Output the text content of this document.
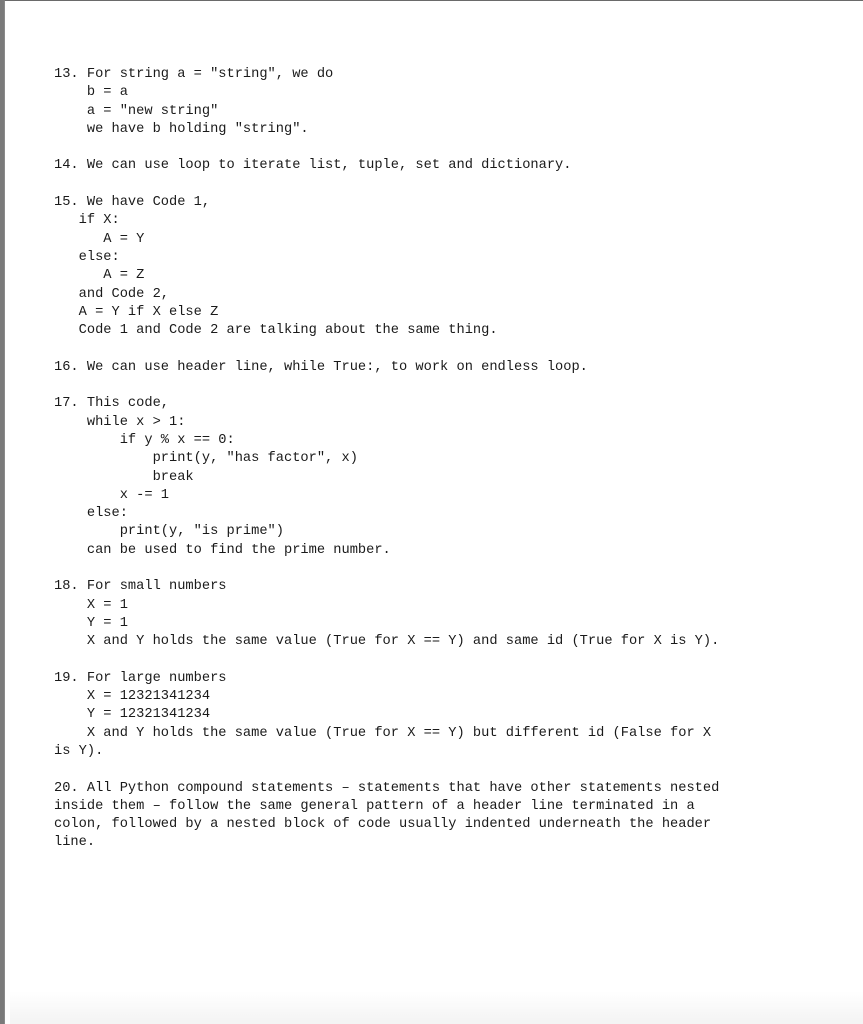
13. For string a = "string", we do
b = a
a = "new string"
we have b holding "string".
14. We can use loop to iterate list, tuple, set and dictionary.
15. We have Code 1,
if X:
A = Y
else:
A = Z
and Code 2,
A = Y if X else Z
Code 1 and Code 2 are talking about the same thing.
16. We can use header line, while True:, to work on endless loop.
17. This code,
while x > 1:
if y % x == 0:
print(y, "has factor", x)
break
x -= 1
else:
print(y, "is prime")
can be used to find the prime number.
18. For small numbers
X = 1
Y = 1
X and Y holds the same value (True for X == Y) and same id (True for X is Y).
19. For large numbers
X = 12321341234
Y = 12321341234
X and Y holds the same value (True for X == Y) but different id (False for X
is Y).
20. All Python compound statements – statements that have other statements nested
inside them – follow the same general pattern of a header line terminated in a
colon, followed by a nested block of code usually indented underneath the header
line.
